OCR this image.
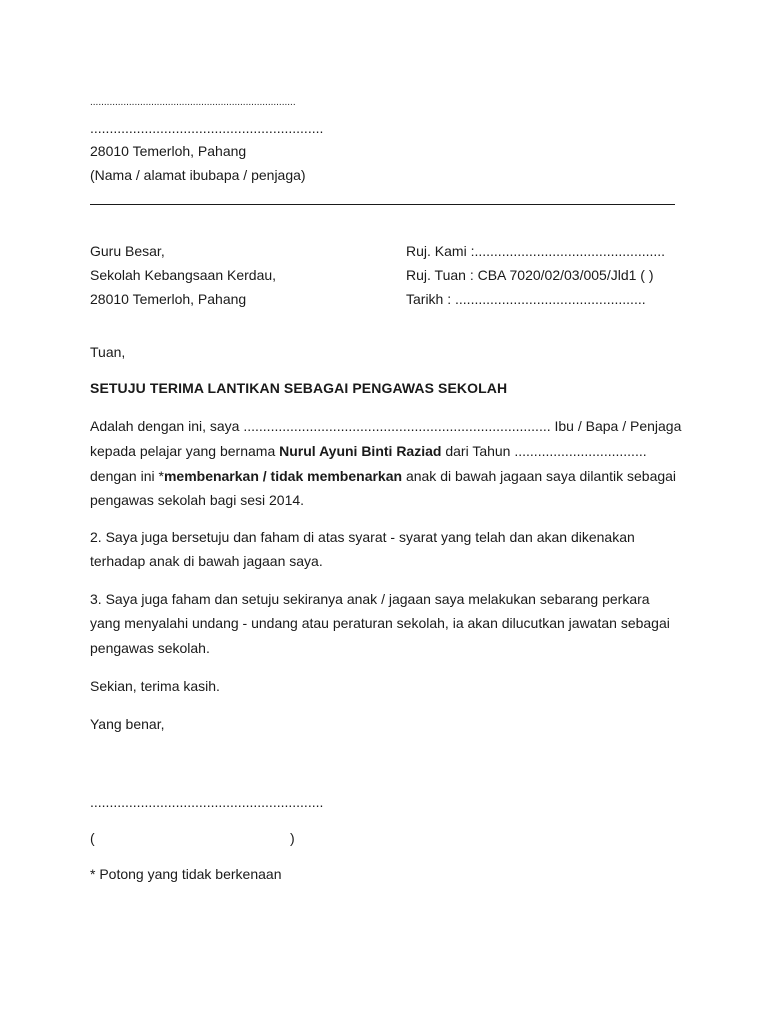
..........................................................................
............................................................
28010 Temerloh, Pahang
(Nama / alamat ibubapa / penjaga)
Guru Besar,
Sekolah Kebangsaan Kerdau,
28010 Temerloh, Pahang
Ruj. Kami :.................................................
Ruj. Tuan : CBA 7020/02/03/005/Jld1 ( )
Tarikh : .................................................
Tuan,
SETUJU TERIMA LANTIKAN SEBAGAI PENGAWAS SEKOLAH
Adalah dengan ini, saya ............................................................................... Ibu / Bapa / Penjaga
kepada pelajar yang bernama Nurul Ayuni Binti Raziad dari Tahun ..................................
dengan ini *membenarkan / tidak membenarkan anak di bawah jagaan saya dilantik sebagai
pengawas sekolah bagi sesi 2014.
2. Saya juga bersetuju dan faham di atas syarat - syarat yang telah dan akan dikenakan
terhadap anak di bawah jagaan saya.
3. Saya juga faham dan setuju sekiranya anak / jagaan saya melakukan sebarang perkara
yang menyalahi undang - undang atau peraturan sekolah, ia akan dilucutkan jawatan sebagai
pengawas sekolah.
Sekian, terima kasih.
Yang benar,
............................................................
(	)
* Potong yang tidak berkenaan
